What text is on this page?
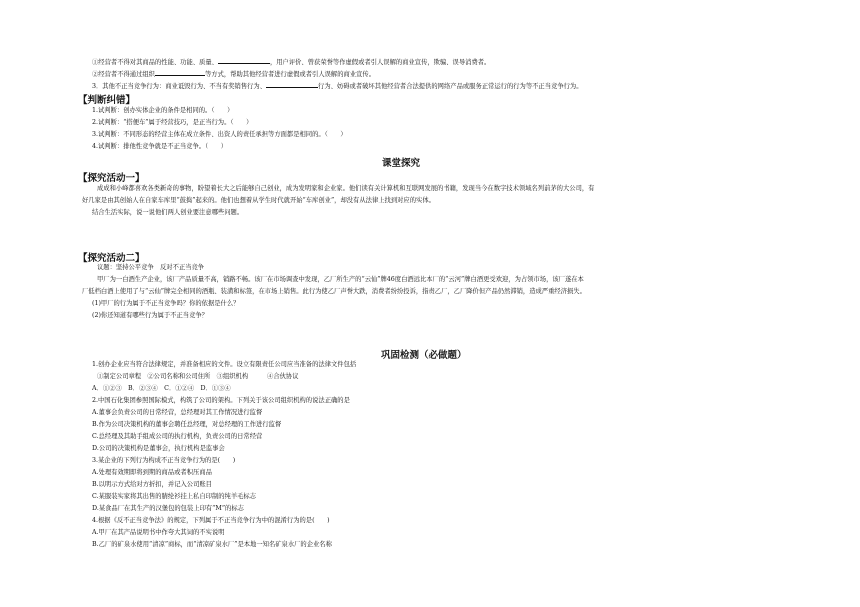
①经营者不得对其商品的性能、功能、质量、	，用户评价、曾获荣誉等作虚假或者引人误解的商业宣传，欺骗、误导消费者。
②经营者不得通过组织	等方式，帮助其他经营者进行虚假或者引人误解的商业宣传。
3．其他不正当竞争行为：商业诋毁行为、不当有奖销售行为、	行为、妨碍或者破坏其他经营者合法提供的网络产品或服务正常运行的行为等不正当竞争行为。
【判断纠错】
1.试判断：创办实体企业的条件是相同的。（　　）
2.试判断：“搭便车”属于经营技巧，是正当行为。（　　）
3.试判断：不同形态的经营主体在成立条件、出资人的责任承担等方面都是相同的。（　　）
4.试判断：排他性竞争就是不正当竞争。（　　）
课堂探究
【探究活动一】
成成和小峰都喜欢各类新奇的事物，盼望着长大之后能够自己创业，成为发明家和企业家。他们读有关计算机和互联网发展的书籍，发现当今在数字技术领域名列前茅的大公司，有
好几家是由其创始人在自家车库里“鼓捣”起来的。他们也想着从学生时代就开始“车库创业”，却没有从法律上找到对应的实体。
结合生活实际，说一说他们两人创业要注意哪些问题。
【探究活动二】
议题：坚持公平竞争　反对不正当竞争
甲厂为一白酒生产企业，该厂产品质量不高，销路不畅。该厂在市场调查中发现，乙厂所生产的“云仙”牌46度白酒远比本厂的“云河”牌白酒更受欢迎，为占领市场，该厂遂在本
厂低档白酒上使用了与“云仙”牌完全相同的酒瓶、装潢和标签，在市场上销售。此行为使乙厂声誉大跌，消费者纷纷投诉，指责乙厂，乙厂降价但产品仍然滞销，造成严重经济损失。
(1)甲厂的行为属于不正当竞争吗？你的依据是什么？
(2)你还知道有哪些行为属于不正当竞争？
巩固检测（必做题）
1.创办企业应当符合法律规定，并准备相应的文件。设立有限责任公司应当准备的法律文件包括
①制定公司章程　②公司名称和公司住所　③组织机构　　　④合伙协议
A．①②③　B．②③④　C．①②④　D．①③④
2.中国石化集团参照国际模式，构筑了公司的架构。下列关于该公司组织机构的说法正确的是
A.董事会负责公司的日常经营，总经理对其工作情况进行监督
B.作为公司决策机构的董事会聘任总经理，对总经理的工作进行监督
C.总经理及其助手组成公司的执行机构，负责公司的日常经营
D.公司的决策机构是董事会，执行机构是监事会
3.某企业的下列行为构成不正当竞争行为的是(　　)
A.处理有效期即将到期的商品或者积压商品
B.以明示方式给对方折扣，并记入公司账目
C.某服装实家将其出售的腈纶衫挂上私自印制的纯羊毛标志
D.某食品厂在其生产的汉堡包的包装上印有“M”的标志
4.根据《反不正当竞争法》的规定，下列属于不正当竞争行为中的混淆行为的是(　　)
A.甲厂在其产品说明书中作夸大其词的不实说明
B.乙厂的矿泉水使用“清凉”商标，而“清凉矿泉水厂”是本地一知名矿泉水厂的企业名称
